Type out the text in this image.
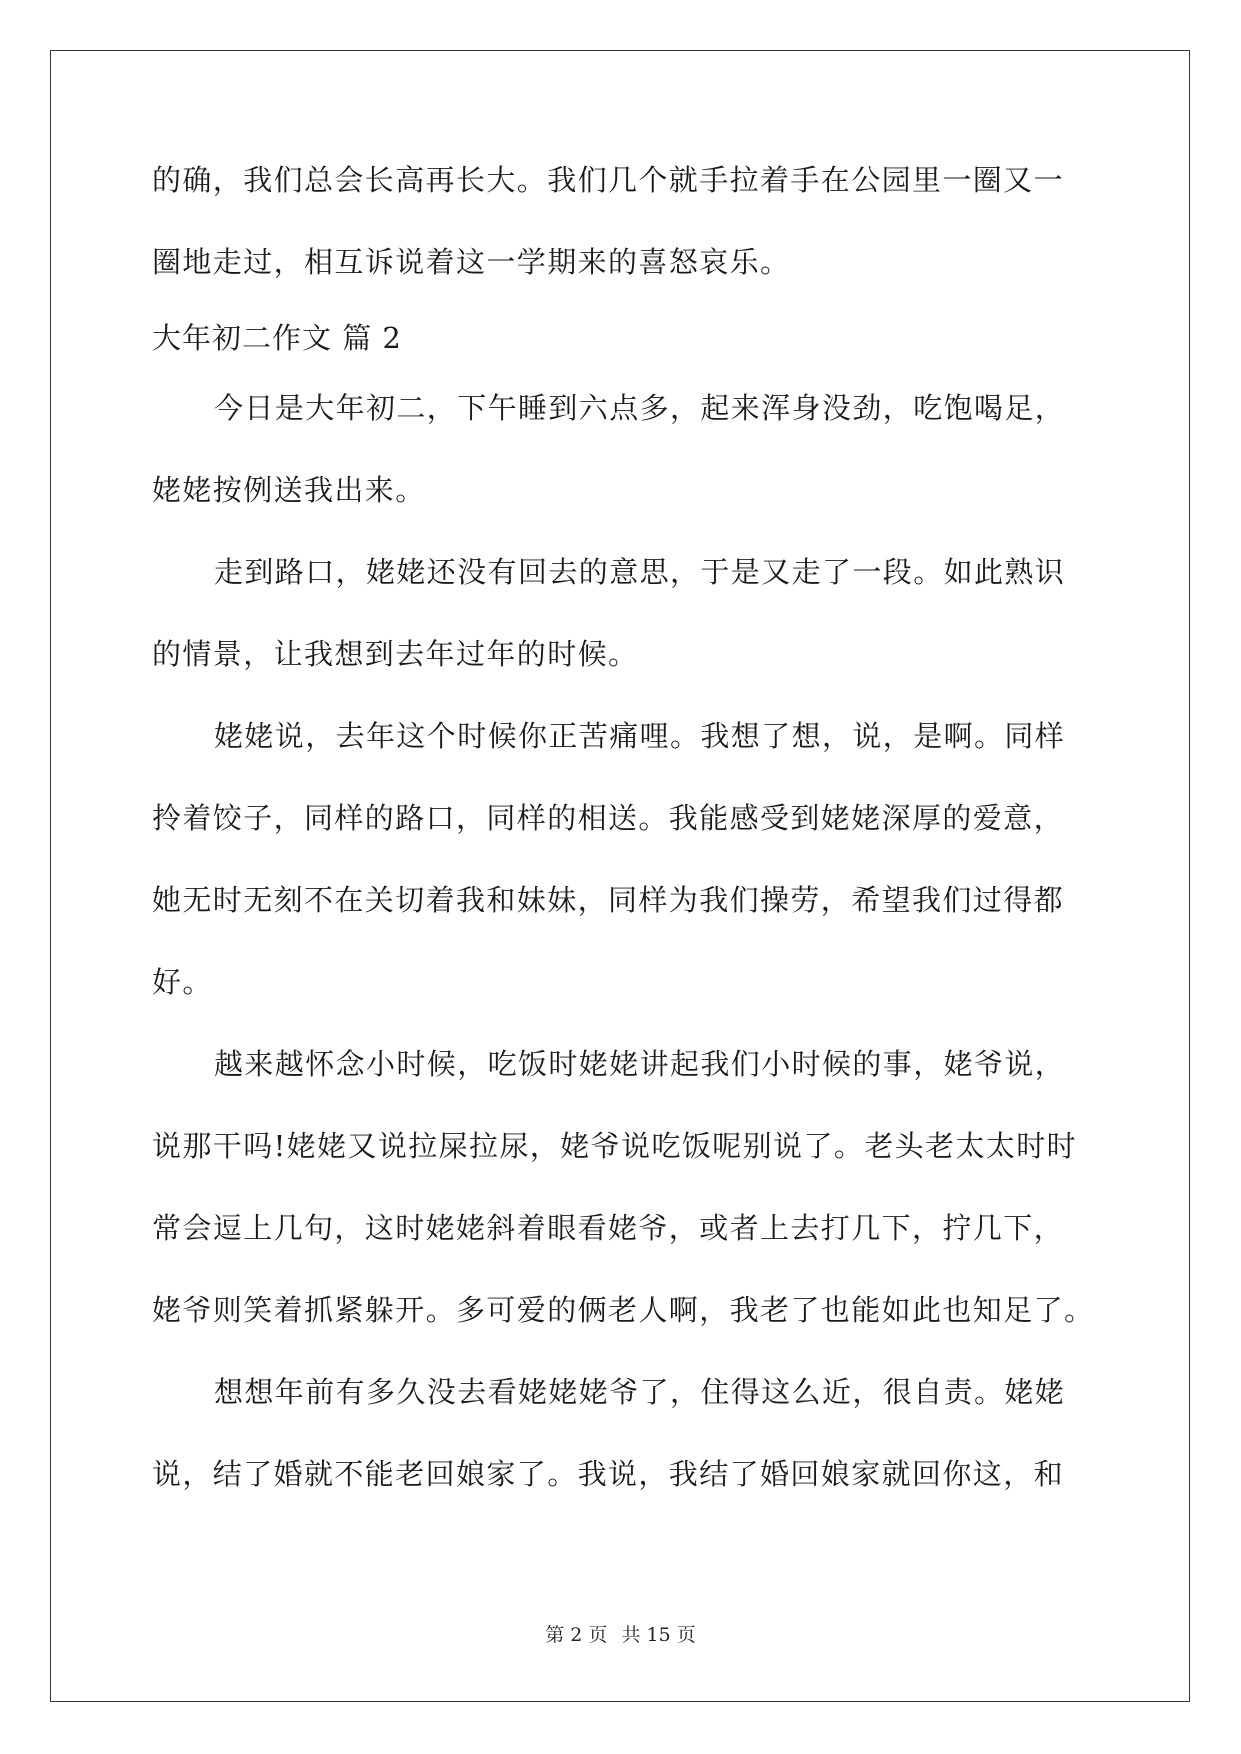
的确，我们总会长高再长大。我们几个就手拉着手在公园里一圈又一
圈地走过，相互诉说着这一学期来的喜怒哀乐。
大年初二作文 篇 2
今日是大年初二，下午睡到六点多，起来浑身没劲，吃饱喝足，
姥姥按例送我出来。
走到路口，姥姥还没有回去的意思，于是又走了一段。如此熟识
的情景，让我想到去年过年的时候。
姥姥说，去年这个时候你正苦痛哩。我想了想，说，是啊。同样
拎着饺子，同样的路口，同样的相送。我能感受到姥姥深厚的爱意，
她无时无刻不在关切着我和妹妹，同样为我们操劳，希望我们过得都
好。
越来越怀念小时候，吃饭时姥姥讲起我们小时候的事，姥爷说，
说那干吗!姥姥又说拉屎拉尿，姥爷说吃饭呢别说了。老头老太太时时
常会逗上几句，这时姥姥斜着眼看姥爷，或者上去打几下，拧几下，
姥爷则笑着抓紧躲开。多可爱的俩老人啊，我老了也能如此也知足了。
想想年前有多久没去看姥姥姥爷了，住得这么近，很自责。姥姥
说，结了婚就不能老回娘家了。我说，我结了婚回娘家就回你这，和
第 2 页 共 15 页
